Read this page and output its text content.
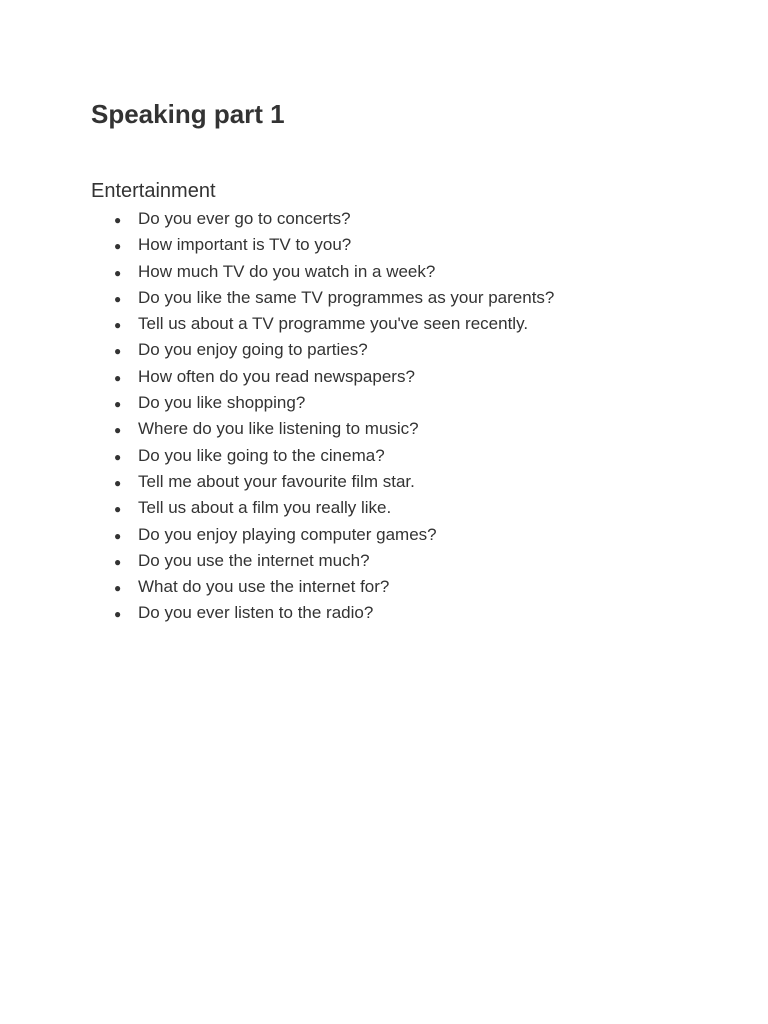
Speaking part 1
Entertainment
● Do you ever go to concerts?
● How important is TV to you?
● How much TV do you watch in a week?
● Do you like the same TV programmes as your parents?
● Tell us about a TV programme you've seen recently.
● Do you enjoy going to parties?
● How often do you read newspapers?
● Do you like shopping?
● Where do you like listening to music?
● Do you like going to the cinema?
● Tell me about your favourite film star.
● Tell us about a film you really like.
● Do you enjoy playing computer games?
● Do you use the internet much?
● What do you use the internet for?
● Do you ever listen to the radio?
